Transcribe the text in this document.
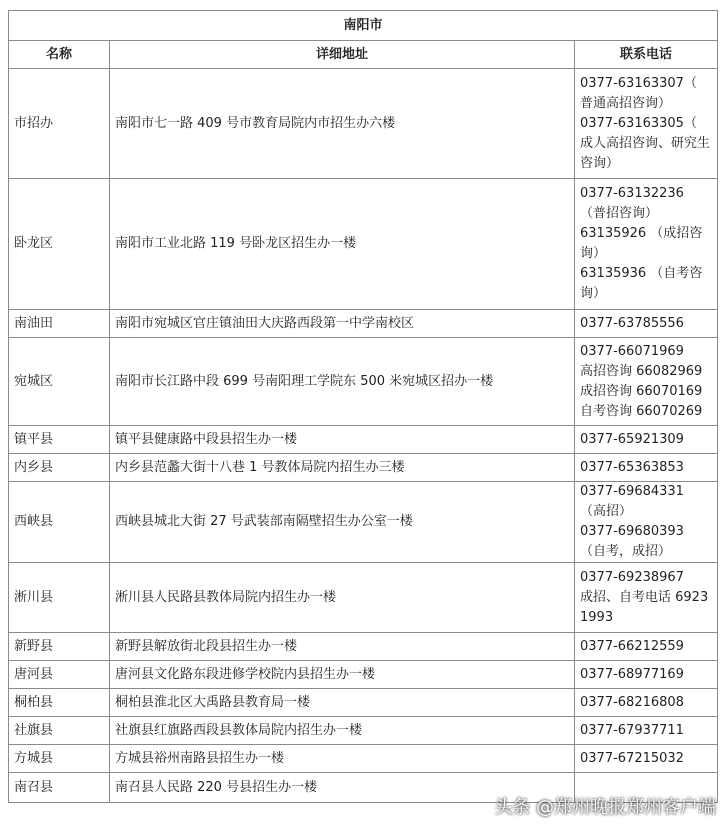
南阳市		
名称	详细地址	联系电话
市招办	南阳市七一路 409 号市教育局院内市招生办六楼	0377-63163307（ 普通高招咨询）
0377-63163305（ 成人高招咨询、研究生咨询）

卧龙区	南阳市工业北路 119 号卧龙区招生办一楼	0377-63132236 （普招咨询）
63135926 （成招咨询）
63135936 （自考咨询）

南油田	南阳市宛城区官庄镇油田大庆路西段第一中学南校区	0377-63785556

宛城区	南阳市长江路中段 699 号南阳理工学院东 500 米宛城区招办一楼	0377-66071969
高招咨询 66082969
成招咨询 66070169
自考咨询 66070269

镇平县	镇平县健康路中段县招生办一楼	0377-65921309

内乡县	内乡县范蠡大街十八巷 1 号教体局院内招生办三楼	0377-65363853

西峡县	西峡县城北大街 27 号武装部南隔壁招生办公室一楼	0377-69684331 （高招）
0377-69680393 （自考，成招）

淅川县	淅川县人民路县教体局院内招生办一楼	0377-69238967
成招、自考电话 69231993

新野县	新野县解放街北段县招生办一楼	0377-66212559

唐河县	唐河县文化路东段进修学校院内县招生办一楼	0377-68977169

桐柏县	桐柏县淮北区大禹路县教育局一楼	0377-68216808

社旗县	社旗县红旗路西段县教体局院内招生办一楼	0377-67937711

方城县	方城县裕州南路县招生办一楼	0377-67215032

南召县	南召县人民路 220 号县招生办一楼	
头条 @郑州晚报郑州客户端
